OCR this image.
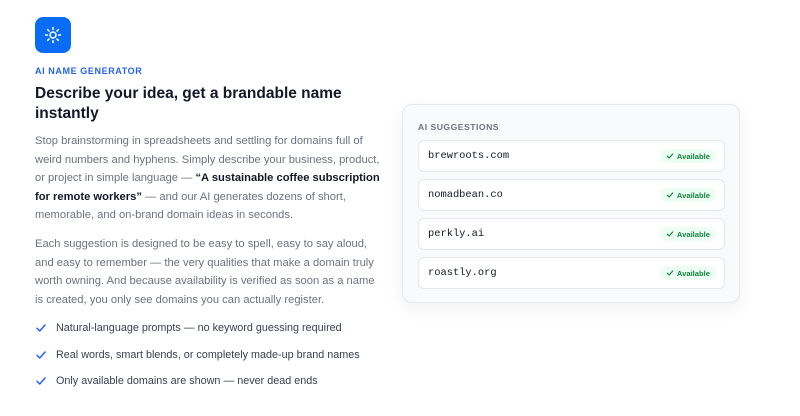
AI NAME GENERATOR
Describe your idea, get a brandable name instantly

Stop brainstorming in spreadsheets and settling for domains full of weird numbers and hyphens. Simply describe your business, product, or project in simple language — “A sustainable coffee subscription for remote workers” — and our AI generates dozens of short, memorable, and on-brand domain ideas in seconds.

Each suggestion is designed to be easy to spell, easy to say aloud, and easy to remember — the very qualities that make a domain truly worth owning. And because availability is verified as soon as a name is created, you only see domains you can actually register.

Natural-language prompts — no keyword guessing required
Real words, smart blends, or completely made-up brand names
Only available domains are shown — never dead ends
AI SUGGESTIONS
brewroots.com	Available
nomadbean.co	Available
perkly.ai	Available
roastly.org	Available
